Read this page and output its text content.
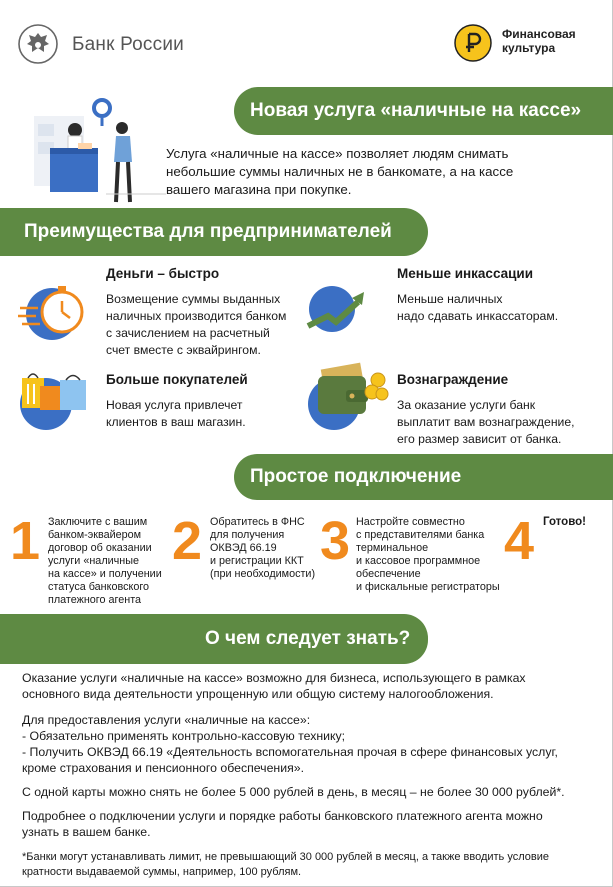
Банк России	Финансовая
культура
Новая услуга «наличные на кассе»
Услуга «наличные на кассе» позволяет людям снимать
небольшие суммы наличных не в банкомате, а на кассе
вашего магазина при покупке.
Преимущества для предпринимателей
Деньги – быстро
Возмещение суммы выданных
наличных производится банком
с зачислением на расчетный
счет вместе с эквайрингом.
Меньше инкассации
Меньше наличных
надо сдавать инкассаторам.
Больше покупателей
Новая услуга привлечет
клиентов в ваш магазин.
Вознаграждение
За оказание услуги банк
выплатит вам вознаграждение,
его размер зависит от банка.
Простое подключение
1 Заключите с вашим
банком-эквайером
договор об оказании
услуги «наличные
на кассе» и получении
статуса банковского
платежного агента
2 Обратитесь в ФНС
для получения
ОКВЭД 66.19
и регистрации ККТ
(при необходимости)
3 Настройте совместно
с представителями банка
терминальное
и кассовое программное
обеспечение
и фискальные регистраторы
4 Готово!
О чем следует знать?
Оказание услуги «наличные на кассе» возможно для бизнеса, использующего в рамках
основного вида деятельности упрощенную или общую систему налогообложения.
Для предоставления услуги «наличные на кассе»:
- Обязательно применять контрольно-кассовую технику;
- Получить ОКВЭД 66.19 «Деятельность вспомогательная прочая в сфере финансовых услуг,
кроме страхования и пенсионного обеспечения».
С одной карты можно снять не более 5 000 рублей в день, в месяц – не более 30 000 рублей*.
Подробнее о подключении услуги и порядке работы банковского платежного агента можно
узнать в вашем банке.
*Банки могут устанавливать лимит, не превышающий 30 000 рублей в месяц, а также вводить условие
кратности выдаваемой суммы, например, 100 рублям.
